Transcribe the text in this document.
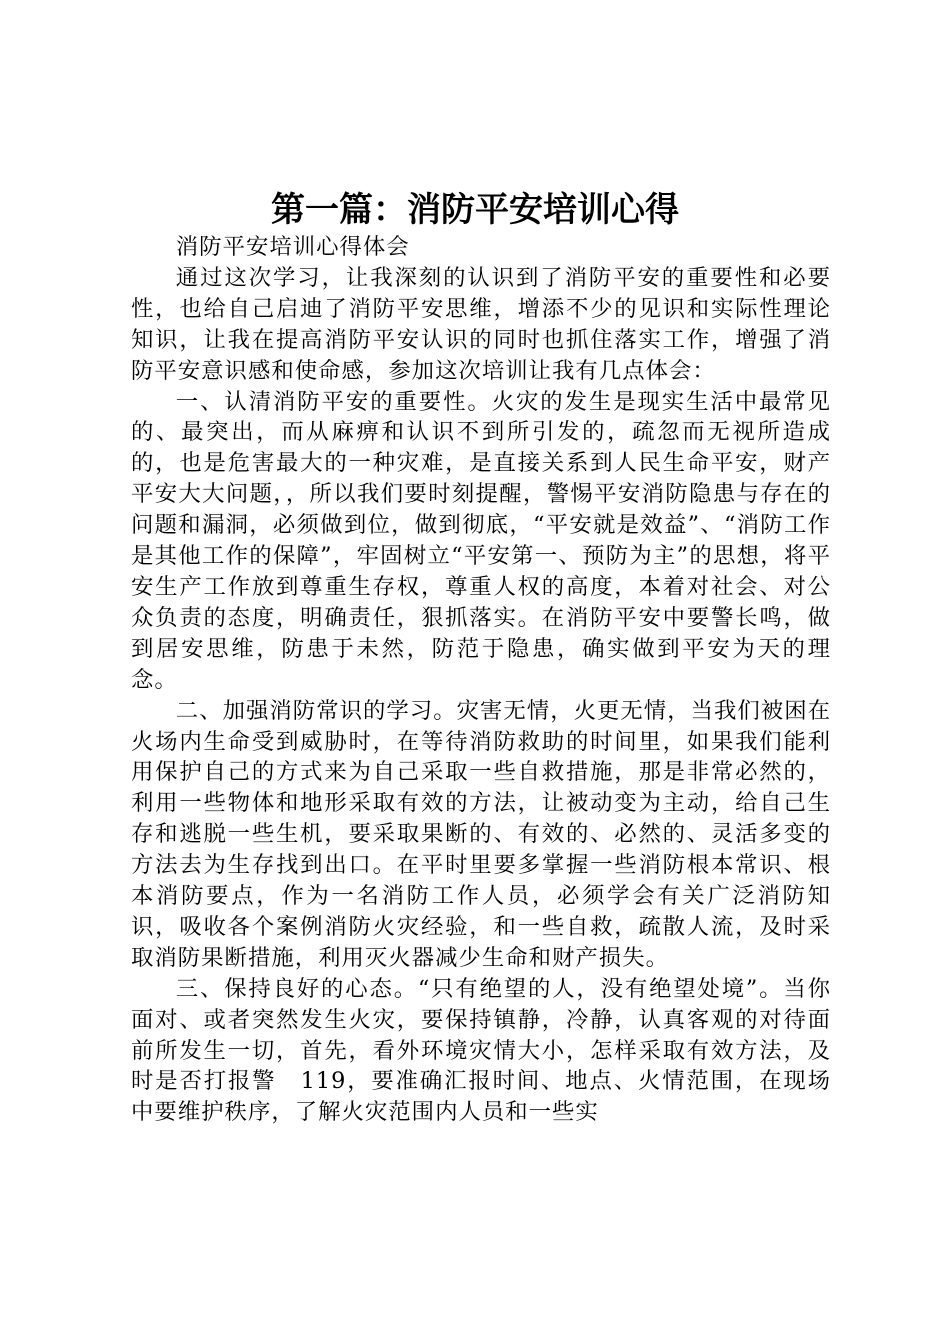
第一篇：消防平安培训心得

消防平安培训心得体会

通过这次学习，让我深刻的认识到了消防平安的重要性和必要性，也给自己启迪了消防平安思维，增添不少的见识和实际性理论知识，让我在提高消防平安认识的同时也抓住落实工作，增强了消防平安意识感和使命感，参加这次培训让我有几点体会：

一、认清消防平安的重要性。火灾的发生是现实生活中最常见的、最突出，而从麻痹和认识不到所引发的，疏忽而无视所造成的，也是危害最大的一种灾难，是直接关系到人民生命平安，财产平安大大问题，，所以我们要时刻提醒，警惕平安消防隐患与存在的问题和漏洞，必须做到位，做到彻底，“平安就是效益”、“消防工作是其他工作的保障”，牢固树立“平安第一、预防为主”的思想，将平安生产工作放到尊重生存权，尊重人权的高度，本着对社会、对公众负责的态度，明确责任，狠抓落实。在消防平安中要警长鸣，做到居安思维，防患于未然，防范于隐患，确实做到平安为天的理念。

二、加强消防常识的学习。灾害无情，火更无情，当我们被困在火场内生命受到威胁时，在等待消防救助的时间里，如果我们能利用保护自己的方式来为自己采取一些自救措施，那是非常必然的，利用一些物体和地形采取有效的方法，让被动变为主动，给自己生存和逃脱一些生机，要采取果断的、有效的、必然的、灵活多变的方法去为生存找到出口。在平时里要多掌握一些消防根本常识、根本消防要点，作为一名消防工作人员，必须学会有关广泛消防知识，吸收各个案例消防火灾经验，和一些自救，疏散人流，及时采取消防果断措施，利用灭火器减少生命和财产损失。

三、保持良好的心态。“只有绝望的人，没有绝望处境”。当你面对、或者突然发生火灾，要保持镇静，冷静，认真客观的对待面前所发生一切，首先，看外环境灾情大小，怎样采取有效方法，及时是否打报警　119，要准确汇报时间、地点、火情范围，在现场中要维护秩序，了解火灾范围内人员和一些实
